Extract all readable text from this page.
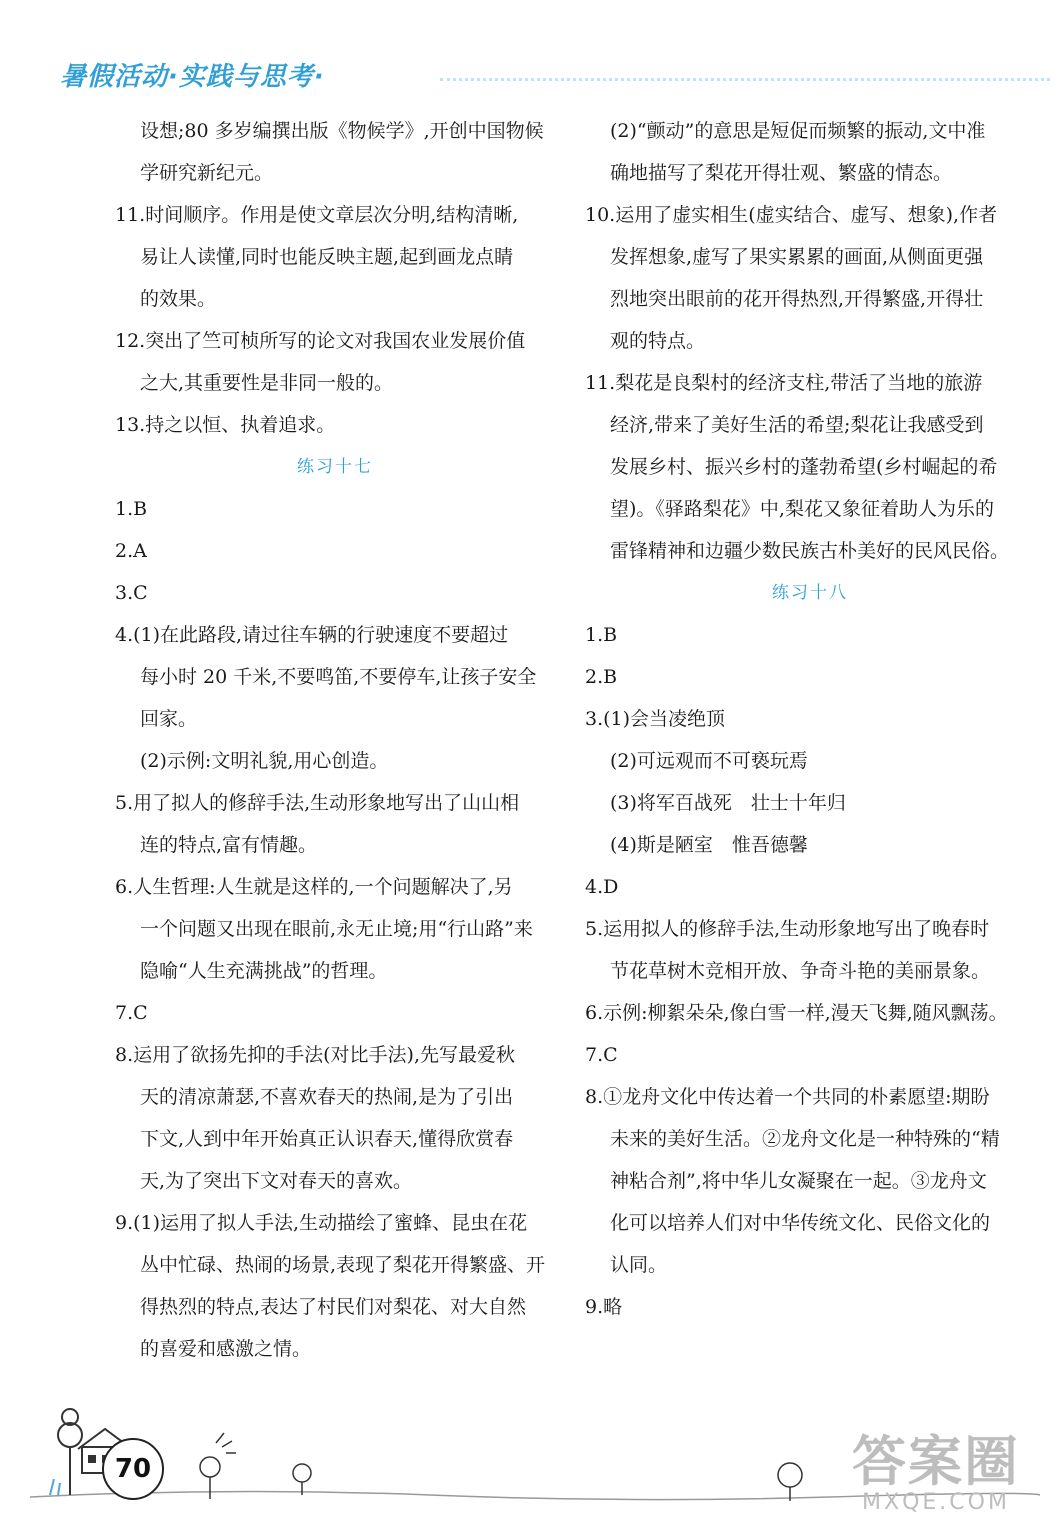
暑假活动·实践与思考·
设想;80 多岁编撰出版《物候学》,开创中国物候
学研究新纪元。
11.时间顺序。作用是使文章层次分明,结构清晰,
易让人读懂,同时也能反映主题,起到画龙点睛
的效果。
12.突出了竺可桢所写的论文对我国农业发展价值
之大,其重要性是非同一般的。
13.持之以恒、执着追求。
练习十七
1.B
2.A
3.C
4.(1)在此路段,请过往车辆的行驶速度不要超过
每小时 20 千米,不要鸣笛,不要停车,让孩子安全
回家。
(2)示例:文明礼貌,用心创造。
5.用了拟人的修辞手法,生动形象地写出了山山相
连的特点,富有情趣。
6.人生哲理:人生就是这样的,一个问题解决了,另
一个问题又出现在眼前,永无止境;用“行山路”来
隐喻“人生充满挑战”的哲理。
7.C
8.运用了欲扬先抑的手法(对比手法),先写最爱秋
天的清凉萧瑟,不喜欢春天的热闹,是为了引出
下文,人到中年开始真正认识春天,懂得欣赏春
天,为了突出下文对春天的喜欢。
9.(1)运用了拟人手法,生动描绘了蜜蜂、昆虫在花
丛中忙碌、热闹的场景,表现了梨花开得繁盛、开
得热烈的特点,表达了村民们对梨花、对大自然
的喜爱和感激之情。
(2)“颤动”的意思是短促而频繁的振动,文中准
确地描写了梨花开得壮观、繁盛的情态。
10.运用了虚实相生(虚实结合、虚写、想象),作者
发挥想象,虚写了果实累累的画面,从侧面更强
烈地突出眼前的花开得热烈,开得繁盛,开得壮
观的特点。
11.梨花是良梨村的经济支柱,带活了当地的旅游
经济,带来了美好生活的希望;梨花让我感受到
发展乡村、振兴乡村的蓬勃希望(乡村崛起的希
望)。《驿路梨花》中,梨花又象征着助人为乐的
雷锋精神和边疆少数民族古朴美好的民风民俗。
练习十八
1.B
2.B
3.(1)会当凌绝顶
(2)可远观而不可亵玩焉
(3)将军百战死　壮士十年归
(4)斯是陋室　惟吾德馨
4.D
5.运用拟人的修辞手法,生动形象地写出了晚春时
节花草树木竞相开放、争奇斗艳的美丽景象。
6.示例:柳絮朵朵,像白雪一样,漫天飞舞,随风飘荡。
7.C
8.①龙舟文化中传达着一个共同的朴素愿望:期盼
未来的美好生活。②龙舟文化是一种特殊的“精
神粘合剂”,将中华儿女凝聚在一起。③龙舟文
化可以培养人们对中华传统文化、民俗文化的
认同。
9.略
70	答案圈
MXQE.COM
